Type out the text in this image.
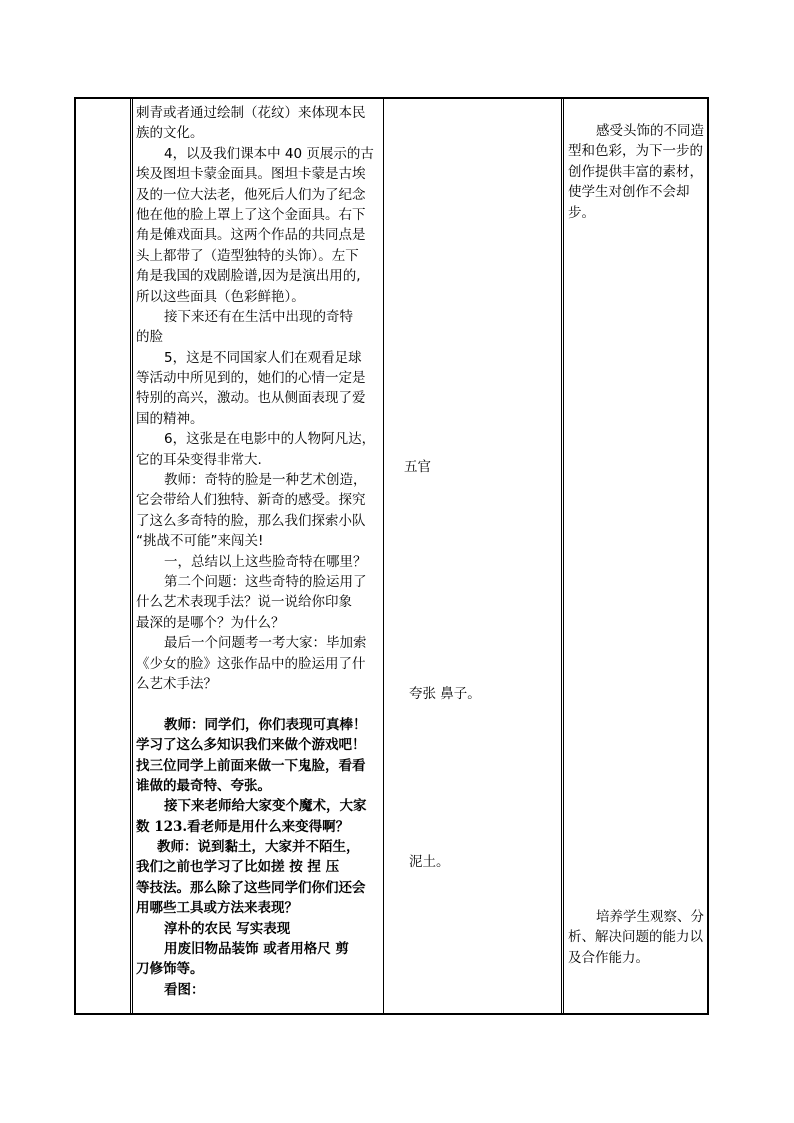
刺青或者通过绘制（花纹）来体现本民
族的文化。
4，以及我们课本中 40 页展示的古
埃及图坦卡蒙金面具。图坦卡蒙是古埃
及的一位大法老，他死后人们为了纪念
他在他的脸上罩上了这个金面具。右下
角是傩戏面具。这两个作品的共同点是
头上都带了（造型独特的头饰）。左下
角是我国的戏剧脸谱,因为是演出用的,
所以这些面具（色彩鲜艳）。
接下来还有在生活中出现的奇特
的脸
5，这是不同国家人们在观看足球
等活动中所见到的，她们的心情一定是
特别的高兴，激动。也从侧面表现了爱
国的精神。
6，这张是在电影中的人物阿凡达，
它的耳朵变得非常大.
教师：奇特的脸是一种艺术创造，
它会带给人们独特、新奇的感受。探究
了这么多奇特的脸，那么我们探索小队
“挑战不可能”来闯关!
一，总结以上这些脸奇特在哪里？
第二个问题：这些奇特的脸运用了
什么艺术表现手法？说一说给你印象
最深的是哪个？为什么？
最后一个问题考一考大家：毕加索
《少女的脸》这张作品中的脸运用了什
么艺术手法？
教师：同学们，你们表现可真棒！
学习了这么多知识我们来做个游戏吧！
找三位同学上前面来做一下鬼脸，看看
谁做的最奇特、夸张。
接下来老师给大家变个魔术，大家
数 123.看老师是用什么来变得啊？
教师：说到黏土，大家并不陌生，
我们之前也学习了比如搓 按 捏 压
等技法。那么除了这些同学们你们还会
用哪些工具或方法来表现？
淳朴的农民 写实表现
用废旧物品装饰 或者用格尺 剪
刀修饰等。
看图：
五官
夸张 鼻子。
泥土。
感受头饰的不同造型和色彩，为下一步的创作提供丰富的素材，使学生对创作不会却步。
培养学生观察、分析、解决问题的能力以及合作能力。
